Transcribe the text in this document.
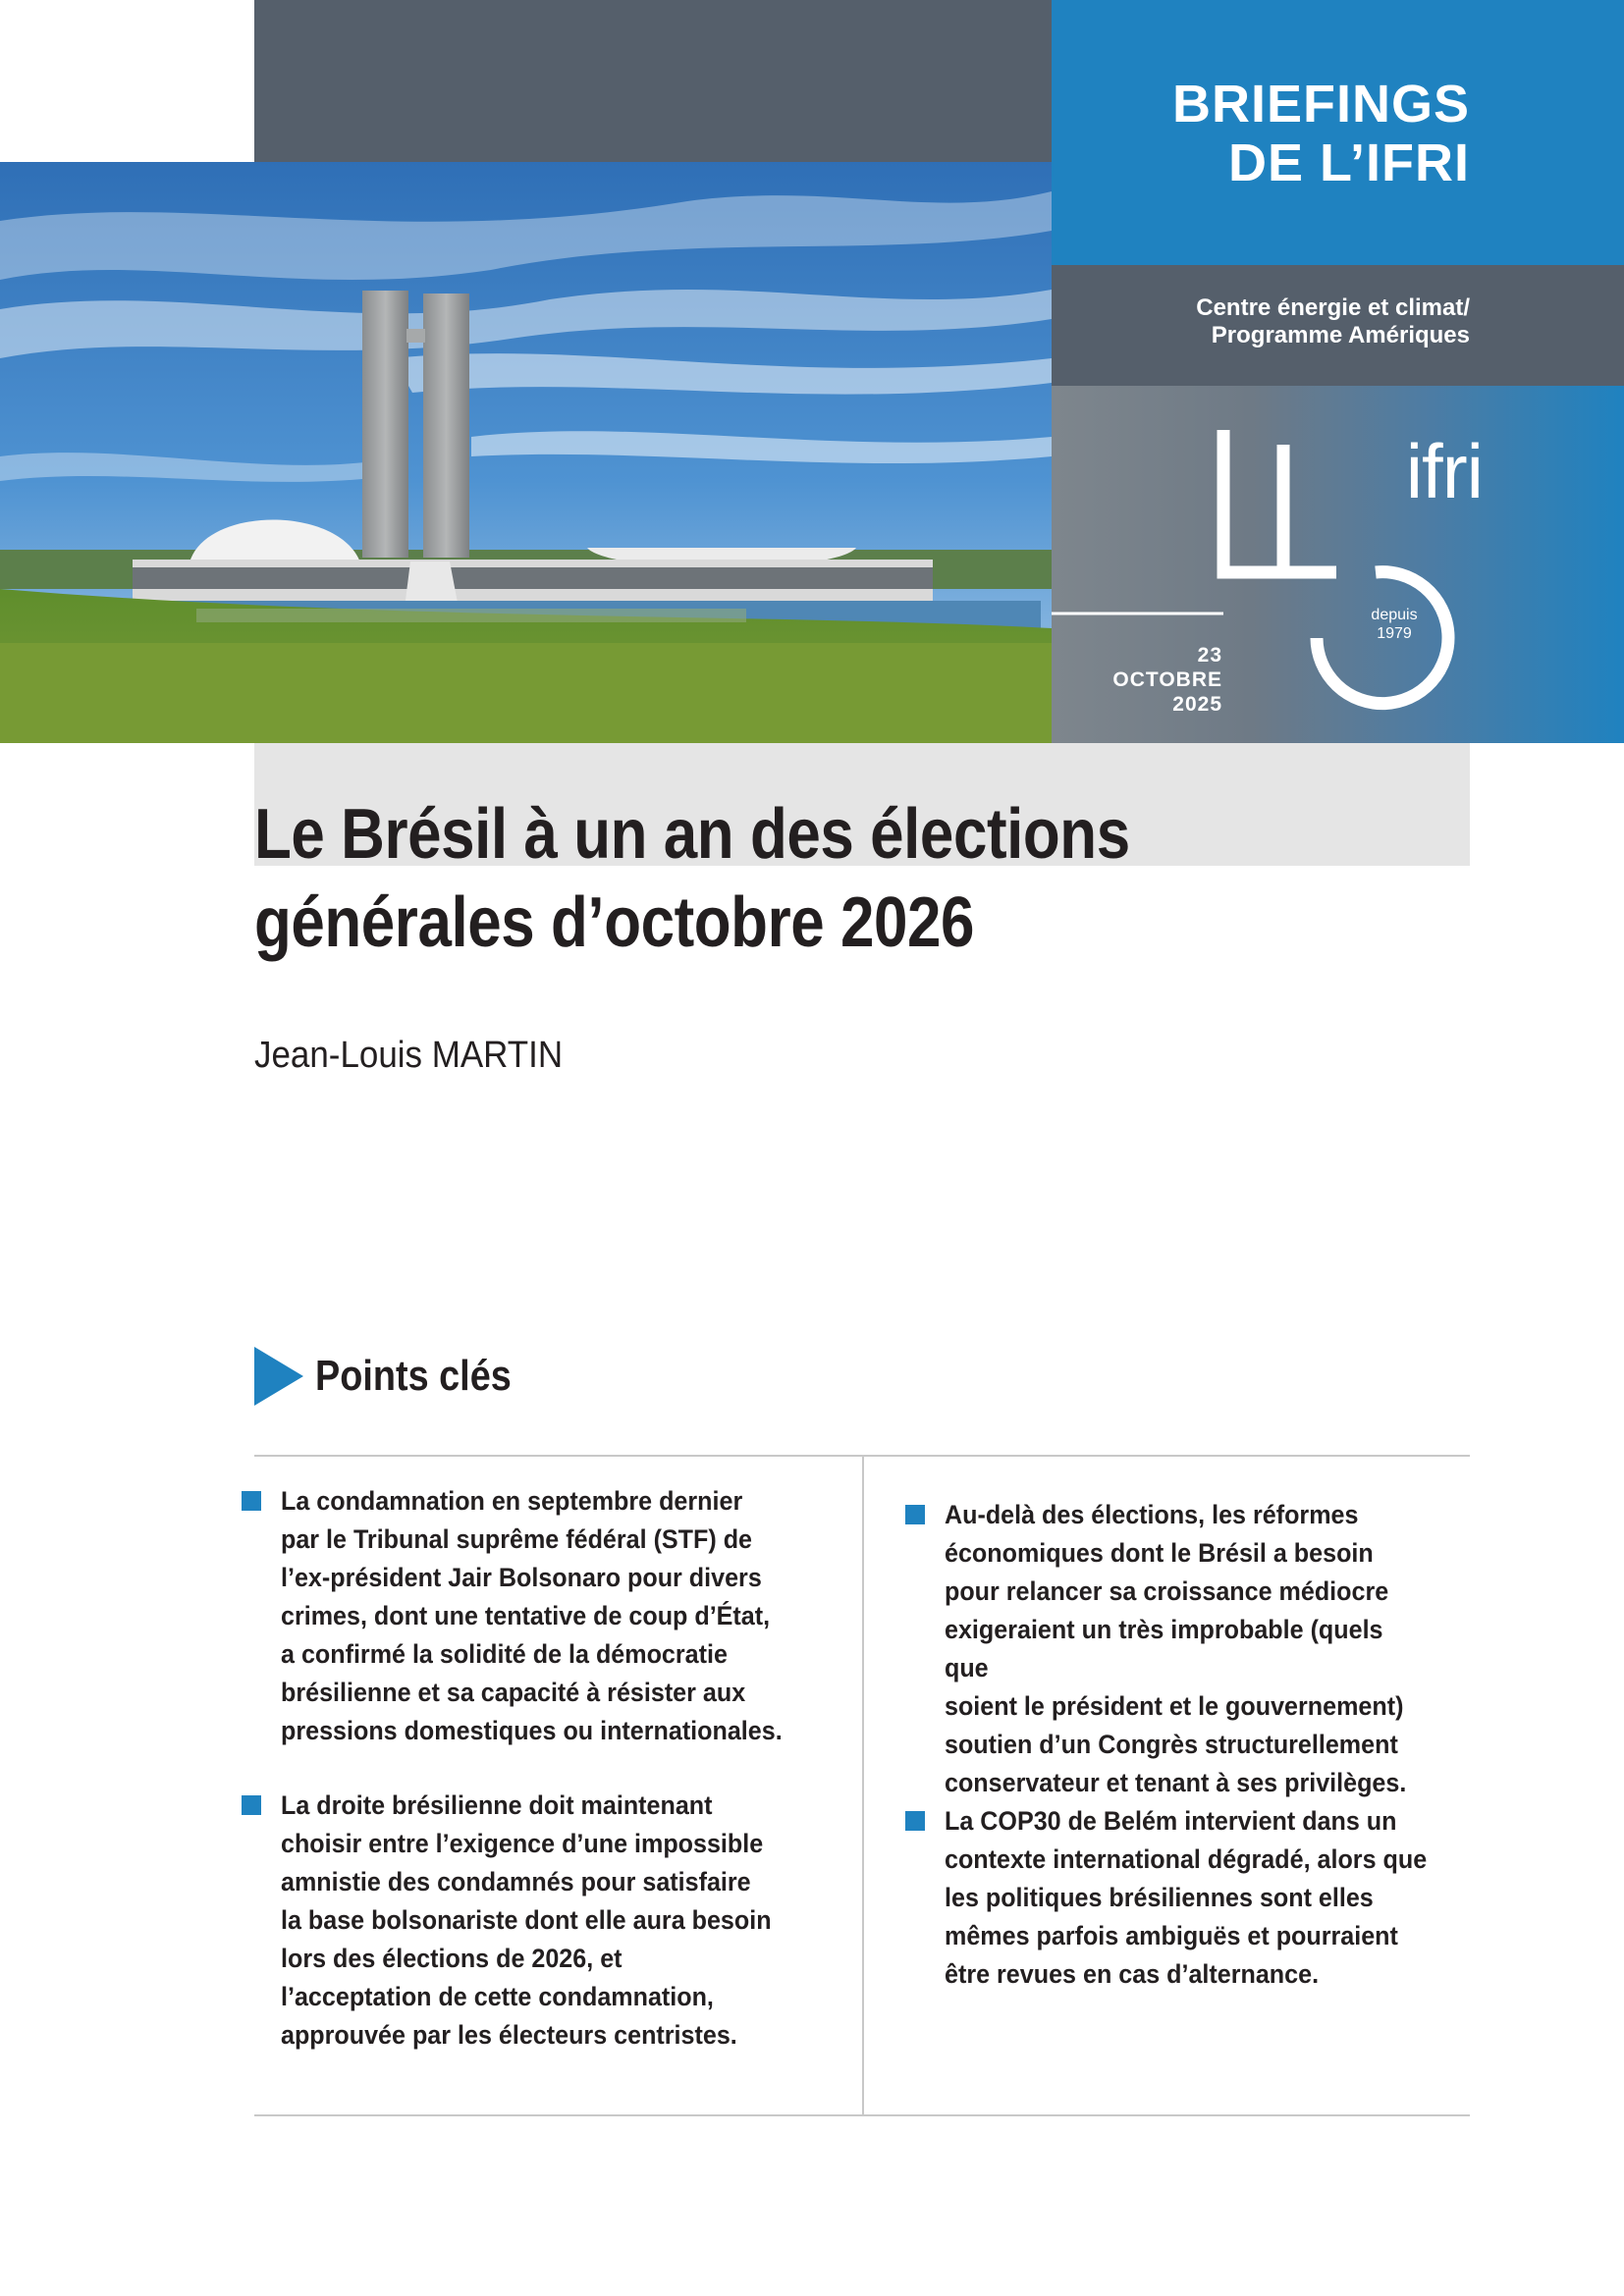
BRIEFINGS
DE L’IFRI
Centre énergie et climat/
Programme Amériques
ifri
depuis
1979
23
OCTOBRE
2025
Le Brésil à un an des élections
générales d’octobre 2026
Jean-Louis MARTIN
Points clés
La condamnation en septembre dernier
par le Tribunal suprême fédéral (STF) de
l’ex-président Jair Bolsonaro pour divers
crimes, dont une tentative de coup d’État,
a confirmé la solidité de la démocratie
brésilienne et sa capacité à résister aux
pressions domestiques ou internationales.
La droite brésilienne doit maintenant
choisir entre l’exigence d’une impossible
amnistie des condamnés pour satisfaire
la base bolsonariste dont elle aura besoin
lors des élections de 2026, et
l’acceptation de cette condamnation,
approuvée par les électeurs centristes.
Au-delà des élections, les réformes
économiques dont le Brésil a besoin
pour relancer sa croissance médiocre
exigeraient un très improbable (quels que
soient le président et le gouvernement)
soutien d’un Congrès structurellement
conservateur et tenant à ses privilèges.
La COP30 de Belém intervient dans un
contexte international dégradé, alors que
les politiques brésiliennes sont elles
mêmes parfois ambiguës et pourraient
être revues en cas d’alternance.
